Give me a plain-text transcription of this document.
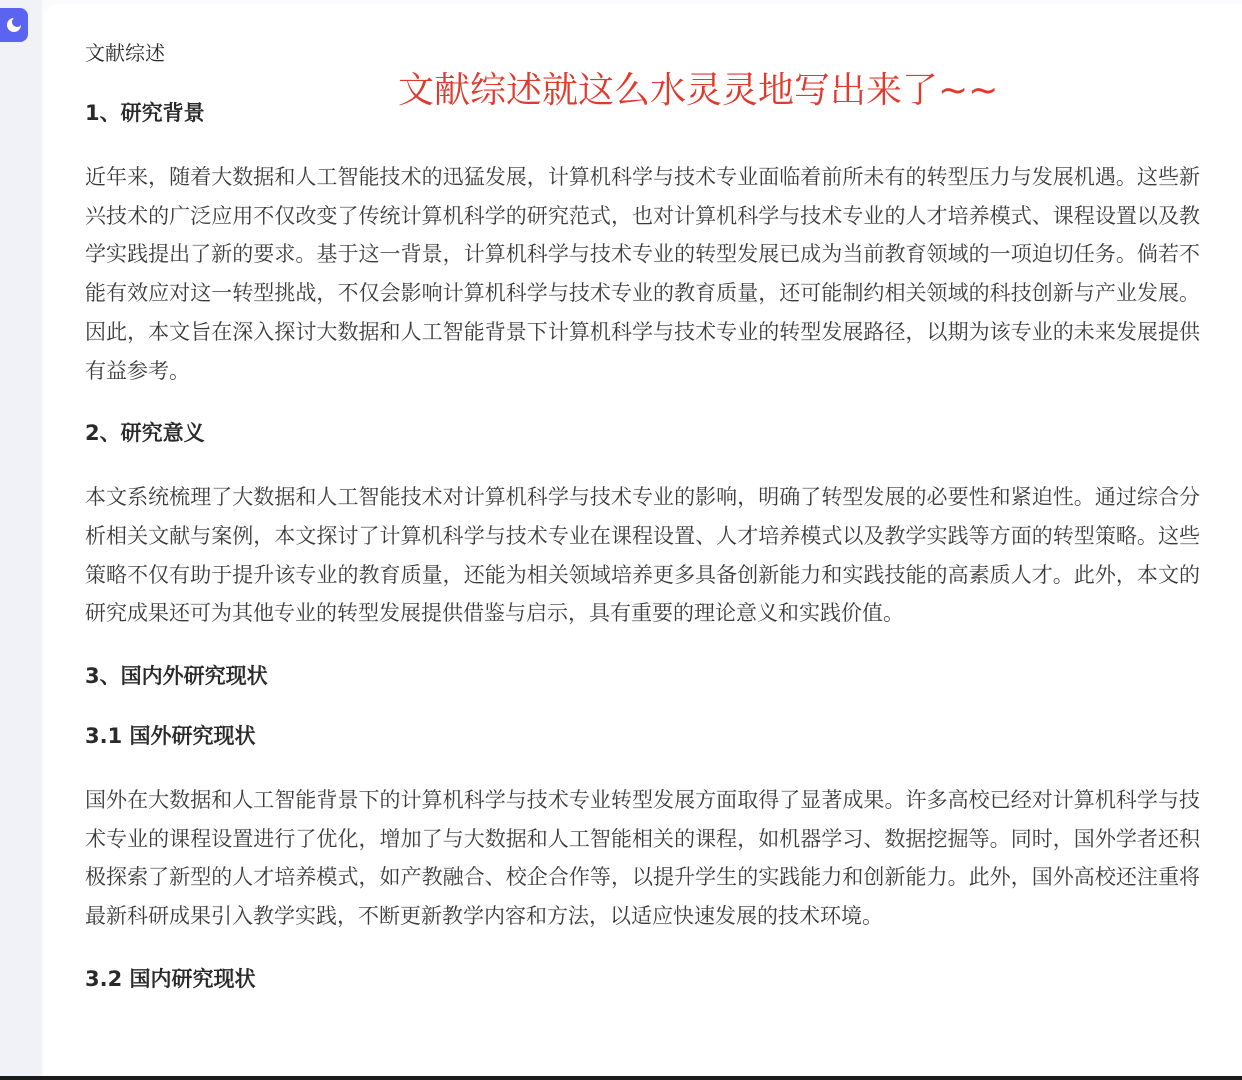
文献综述就这么水灵灵地写出来了~~
文献综述
1、研究背景

近年来，随着大数据和人工智能技术的迅猛发展，计算机科学与技术专业面临着前所未有的转型压力与发展机遇。这些新兴技术的广泛应用不仅改变了传统计算机科学的研究范式，也对计算机科学与技术专业的人才培养模式、课程设置以及教学实践提出了新的要求。基于这一背景，计算机科学与技术专业的转型发展已成为当前教育领域的一项迫切任务。倘若不能有效应对这一转型挑战，不仅会影响计算机科学与技术专业的教育质量，还可能制约相关领域的科技创新与产业发展。因此，本文旨在深入探讨大数据和人工智能背景下计算机科学与技术专业的转型发展路径，以期为该专业的未来发展提供有益参考。

2、研究意义

本文系统梳理了大数据和人工智能技术对计算机科学与技术专业的影响，明确了转型发展的必要性和紧迫性。通过综合分析相关文献与案例，本文探讨了计算机科学与技术专业在课程设置、人才培养模式以及教学实践等方面的转型策略。这些策略不仅有助于提升该专业的教育质量，还能为相关领域培养更多具备创新能力和实践技能的高素质人才。此外，本文的研究成果还可为其他专业的转型发展提供借鉴与启示，具有重要的理论意义和实践价值。

3、国内外研究现状
3.1 国外研究现状

国外在大数据和人工智能背景下的计算机科学与技术专业转型发展方面取得了显著成果。许多高校已经对计算机科学与技术专业的课程设置进行了优化，增加了与大数据和人工智能相关的课程，如机器学习、数据挖掘等。同时，国外学者还积极探索了新型的人才培养模式，如产教融合、校企合作等，以提升学生的实践能力和创新能力。此外，国外高校还注重将最新科研成果引入教学实践，不断更新教学内容和方法，以适应快速发展的技术环境。

3.2 国内研究现状
